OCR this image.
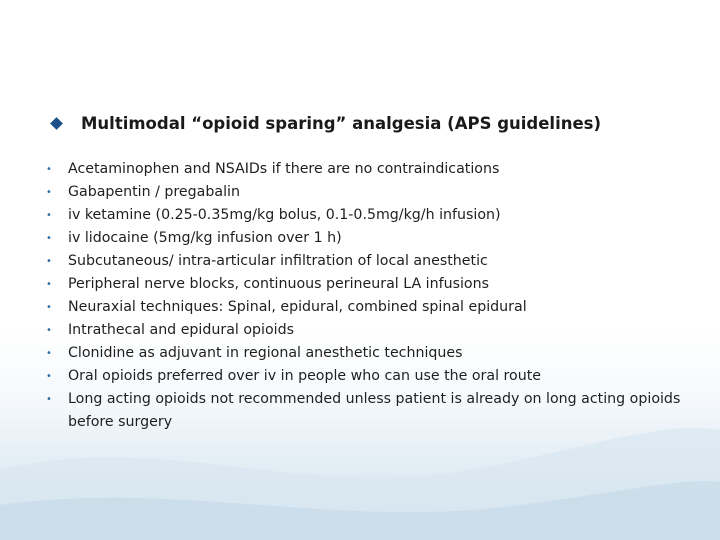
Multimodal “opioid sparing” analgesia (APS guidelines)
•	Acetaminophen and NSAIDs if there are no contraindications
•	Gabapentin / pregabalin
•	iv ketamine (0.25-0.35mg/kg bolus, 0.1-0.5mg/kg/h infusion)
•	iv lidocaine (5mg/kg infusion over 1 h)
•	Subcutaneous/ intra-articular infiltration of local anesthetic
•	Peripheral nerve blocks, continuous perineural LA infusions
•	Neuraxial techniques: Spinal, epidural, combined spinal epidural
•	Intrathecal and epidural opioids
•	Clonidine as adjuvant in regional anesthetic techniques
•	Oral opioids preferred over iv in people who can use the oral route
•	Long acting opioids not recommended unless patient is already on long acting opioids before surgery
